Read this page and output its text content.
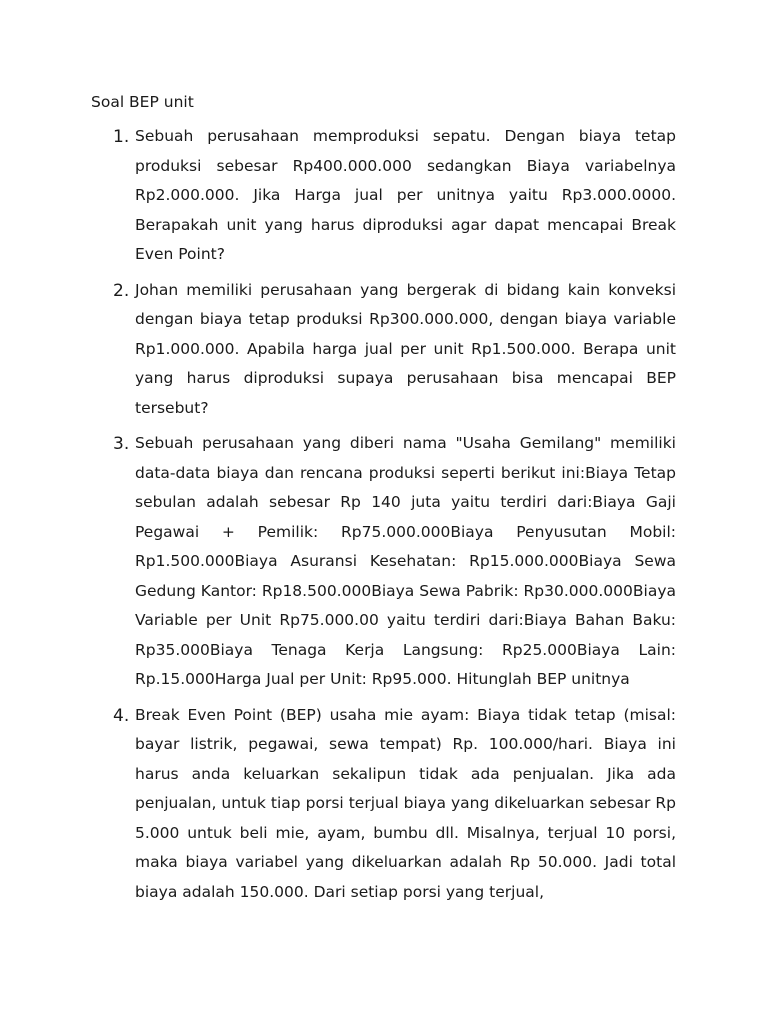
Soal BEP unit
1. Sebuah perusahaan memproduksi sepatu. Dengan biaya tetap produksi sebesar Rp400.000.000 sedangkan Biaya variabelnya Rp2.000.000. Jika Harga jual per unitnya yaitu Rp3.000.0000. Berapakah unit yang harus diproduksi agar dapat mencapai Break Even Point?

2. Johan memiliki perusahaan yang bergerak di bidang kain konveksi dengan biaya tetap produksi Rp300.000.000, dengan biaya variable Rp1.000.000. Apabila harga jual per unit Rp1.500.000. Berapa unit yang harus diproduksi supaya perusahaan bisa mencapai BEP tersebut?

3. Sebuah perusahaan yang diberi nama "Usaha Gemilang" memiliki data-data biaya dan rencana produksi seperti berikut ini:Biaya Tetap sebulan adalah sebesar Rp 140 juta yaitu terdiri dari:Biaya Gaji Pegawai + Pemilik: Rp75.000.000Biaya Penyusutan Mobil: Rp1.500.000Biaya Asuransi Kesehatan: Rp15.000.000Biaya Sewa Gedung Kantor: Rp18.500.000Biaya Sewa Pabrik: Rp30.000.000Biaya Variable per Unit Rp75.000.00 yaitu terdiri dari:Biaya Bahan Baku: Rp35.000Biaya Tenaga Kerja Langsung: Rp25.000Biaya Lain: Rp.15.000Harga Jual per Unit: Rp95.000. Hitunglah BEP unitnya

4. Break Even Point (BEP) usaha mie ayam: Biaya tidak tetap (misal: bayar listrik, pegawai, sewa tempat) Rp. 100.000/hari. Biaya ini harus anda keluarkan sekalipun tidak ada penjualan. Jika ada penjualan, untuk tiap porsi terjual biaya yang dikeluarkan sebesar Rp 5.000 untuk beli mie, ayam, bumbu dll. Misalnya, terjual 10 porsi, maka biaya variabel yang dikeluarkan adalah Rp 50.000. Jadi total biaya adalah 150.000. Dari setiap porsi yang terjual,
